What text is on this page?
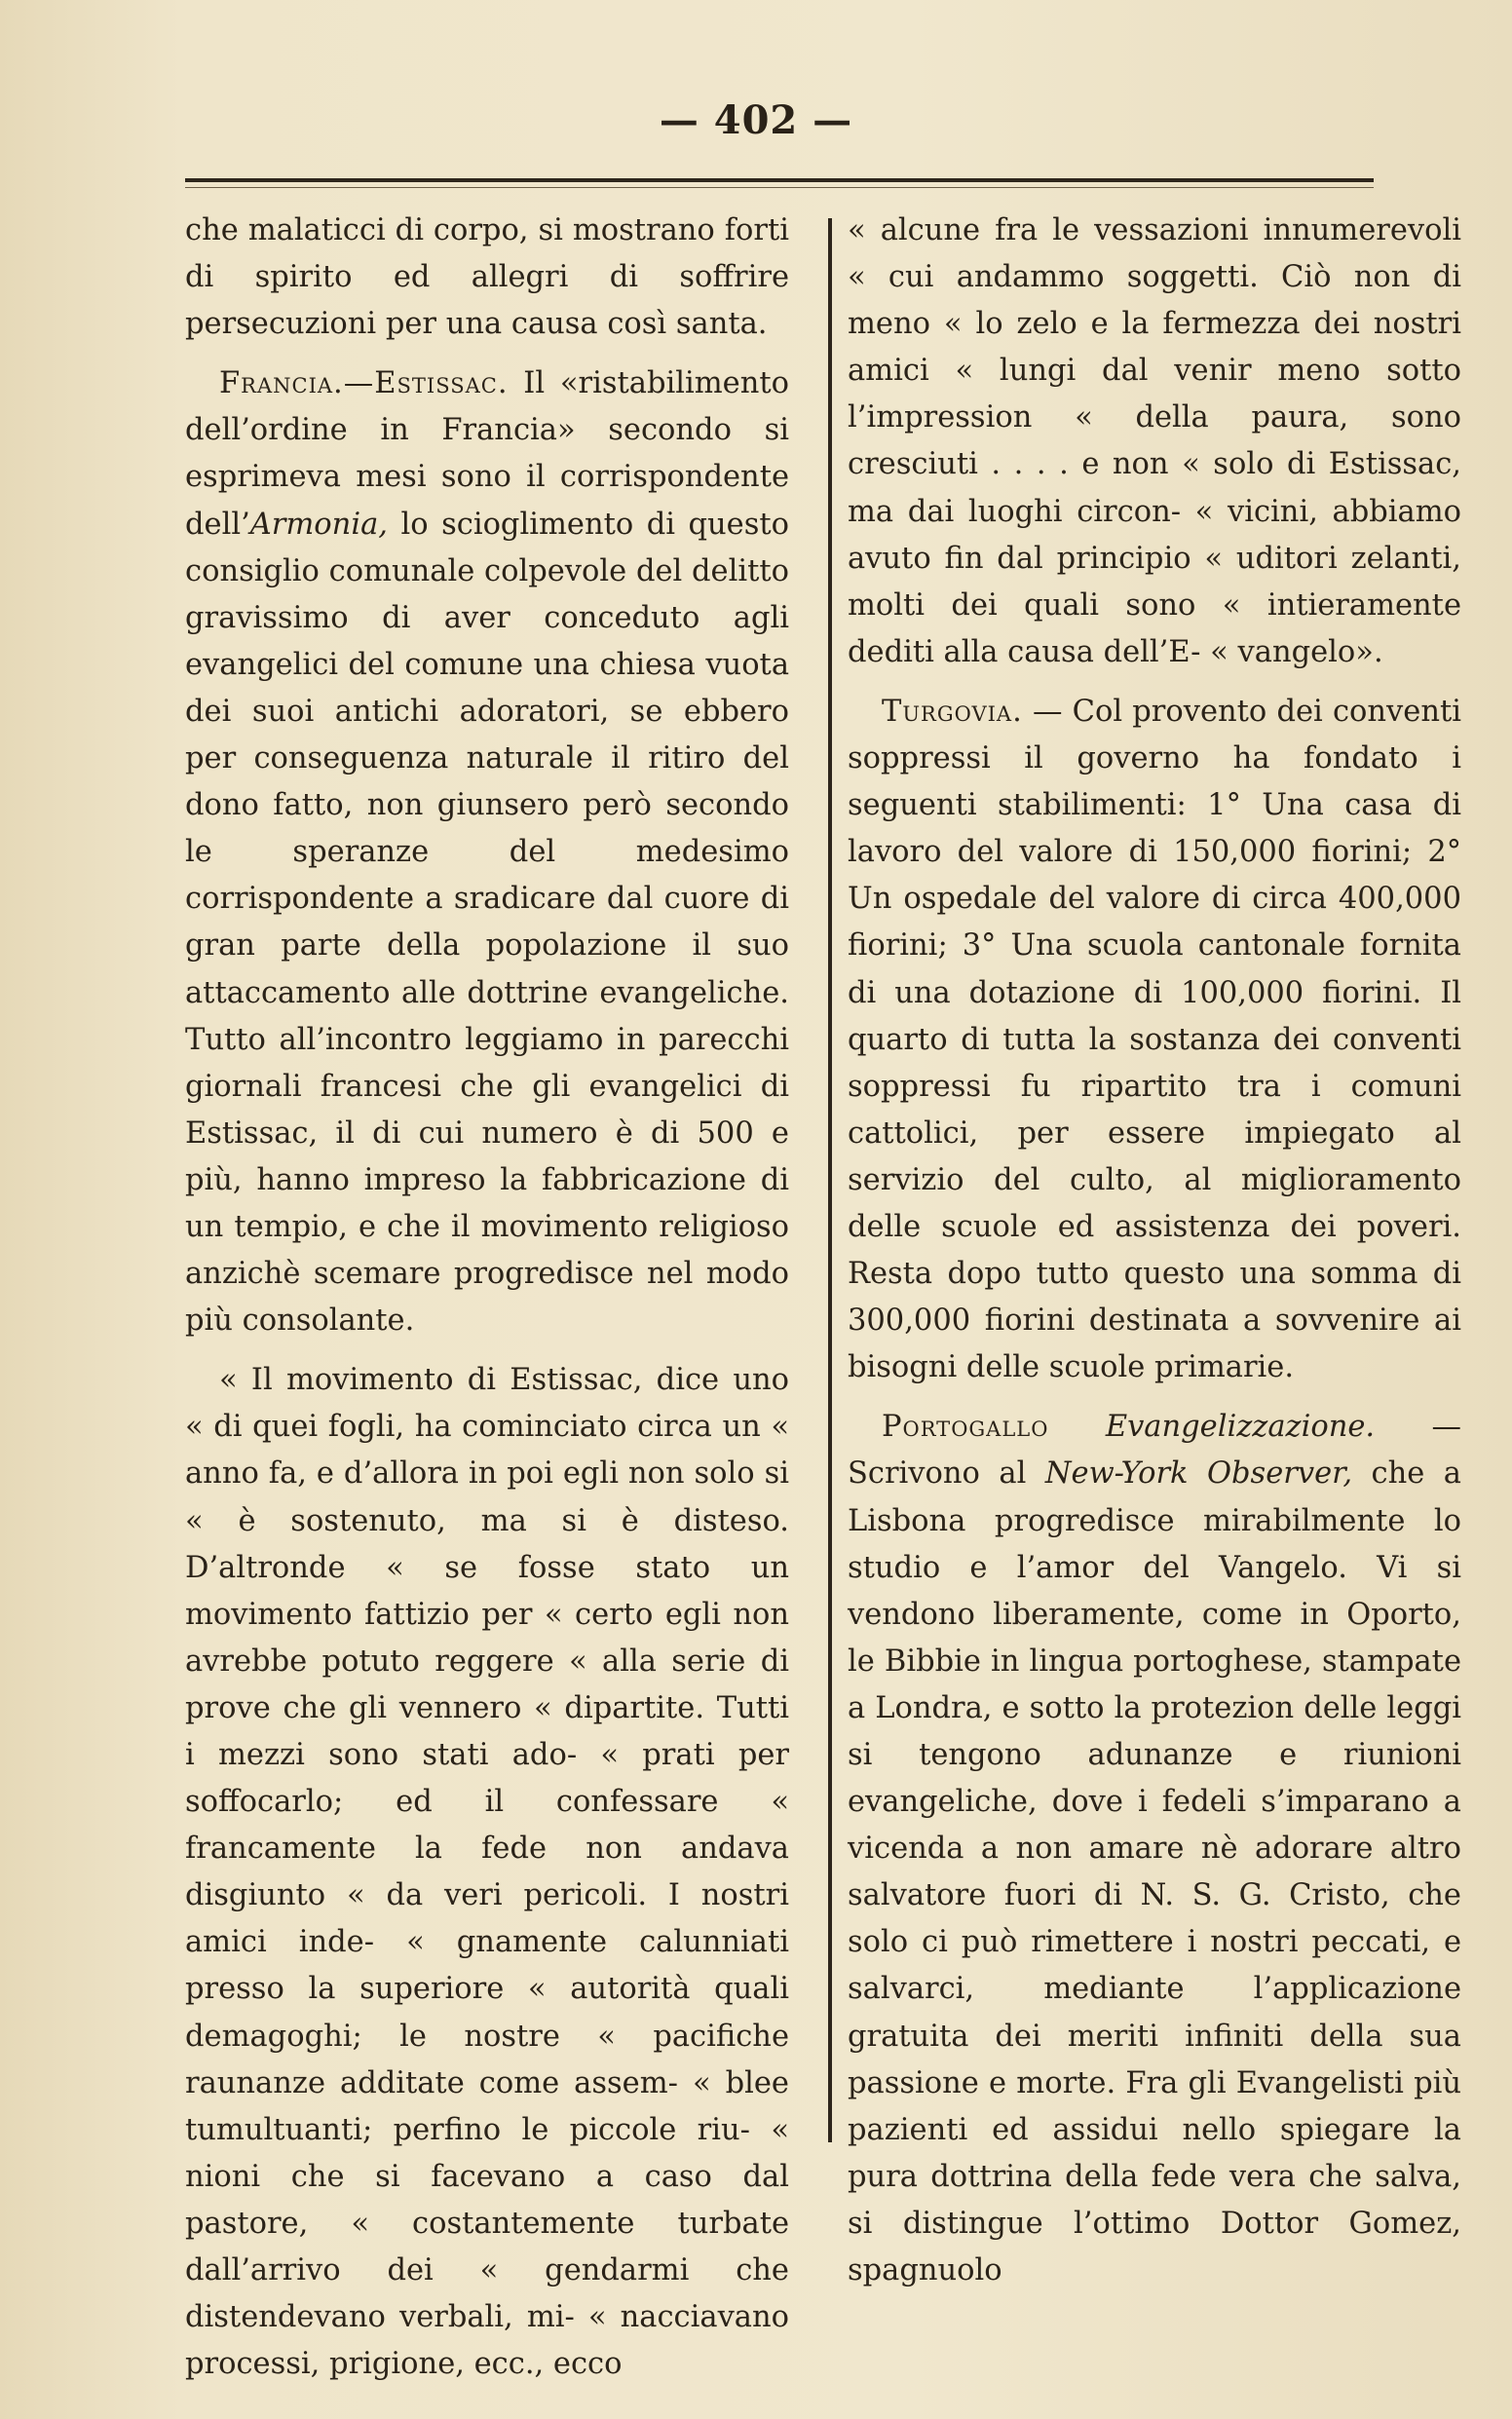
— 402 —

che malaticci di corpo, si mostrano forti di spirito ed allegri di soffrire persecuzioni per una causa così santa.

Francia.—Estissac. Il «ristabilimento dell’ordine in Francia» secondo si esprimeva mesi sono il corrispondente dell’Armonia, lo scioglimento di questo consiglio comunale colpevole del delitto gravissimo di aver conceduto agli evangelici del comune una chiesa vuota dei suoi antichi adoratori, se ebbero per conseguenza naturale il ritiro del dono fatto, non giunsero però secondo le speranze del medesimo corrispondente a sradicare dal cuore di gran parte della popolazione il suo attaccamento alle dottrine evangeliche. Tutto all’incontro leggiamo in parecchi giornali francesi che gli evangelici di Estissac, il di cui numero è di 500 e più, hanno impreso la fabbricazione di un tempio, e che il movimento religioso anzichè scemare progredisce nel modo più consolante.

« Il movimento di Estissac, dice uno « di quei fogli, ha cominciato circa un « anno fa, e d’allora in poi egli non solo si « è sostenuto, ma si è disteso. D’altronde « se fosse stato un movimento fattizio per « certo egli non avrebbe potuto reggere « alla serie di prove che gli vennero « dipartite. Tutti i mezzi sono stati ado- « prati per soffocarlo; ed il confessare « francamente la fede non andava disgiunto « da veri pericoli. I nostri amici inde- « gnamente calunniati presso la superiore « autorità quali demagoghi; le nostre « pacifiche raunanze additate come assem- « blee tumultuanti; perfino le piccole riu- « nioni che si facevano a caso dal pastore, « costantemente turbate dall’arrivo dei « gendarmi che distendevano verbali, mi- « nacciavano processi, prigione, ecc., ecco

« alcune fra le vessazioni innumerevoli « cui andammo soggetti. Ciò non di meno « lo zelo e la fermezza dei nostri amici « lungi dal venir meno sotto l’impression « della paura, sono cresciuti . . . . e non « solo di Estissac, ma dai luoghi circon- « vicini, abbiamo avuto fin dal principio « uditori zelanti, molti dei quali sono « intieramente dediti alla causa dell’E- « vangelo».

Turgovia. — Col provento dei conventi soppressi il governo ha fondato i seguenti stabilimenti: 1° Una casa di lavoro del valore di 150,000 fiorini; 2° Un ospedale del valore di circa 400,000 fiorini; 3° Una scuola cantonale fornita di una dotazione di 100,000 fiorini. Il quarto di tutta la sostanza dei conventi soppressi fu ripartito tra i comuni cattolici, per essere impiegato al servizio del culto, al miglioramento delle scuole ed assistenza dei poveri. Resta dopo tutto questo una somma di 300,000 fiorini destinata a sovvenire ai bisogni delle scuole primarie.

Portogallo Evangelizzazione. — Scrivono al New-York Observer, che a Lisbona progredisce mirabilmente lo studio e l’amor del Vangelo. Vi si vendono liberamente, come in Oporto, le Bibbie in lingua portoghese, stampate a Londra, e sotto la protezion delle leggi si tengono adunanze e riunioni evangeliche, dove i fedeli s’imparano a vicenda a non amare nè adorare altro salvatore fuori di N. S. G. Cristo, che solo ci può rimettere i nostri peccati, e salvarci, mediante l’applicazione gratuita dei meriti infiniti della sua passione e morte. Fra gli Evangelisti più pazienti ed assidui nello spiegare la pura dottrina della fede vera che salva, si distingue l’ottimo Dottor Gomez, spagnuolo
